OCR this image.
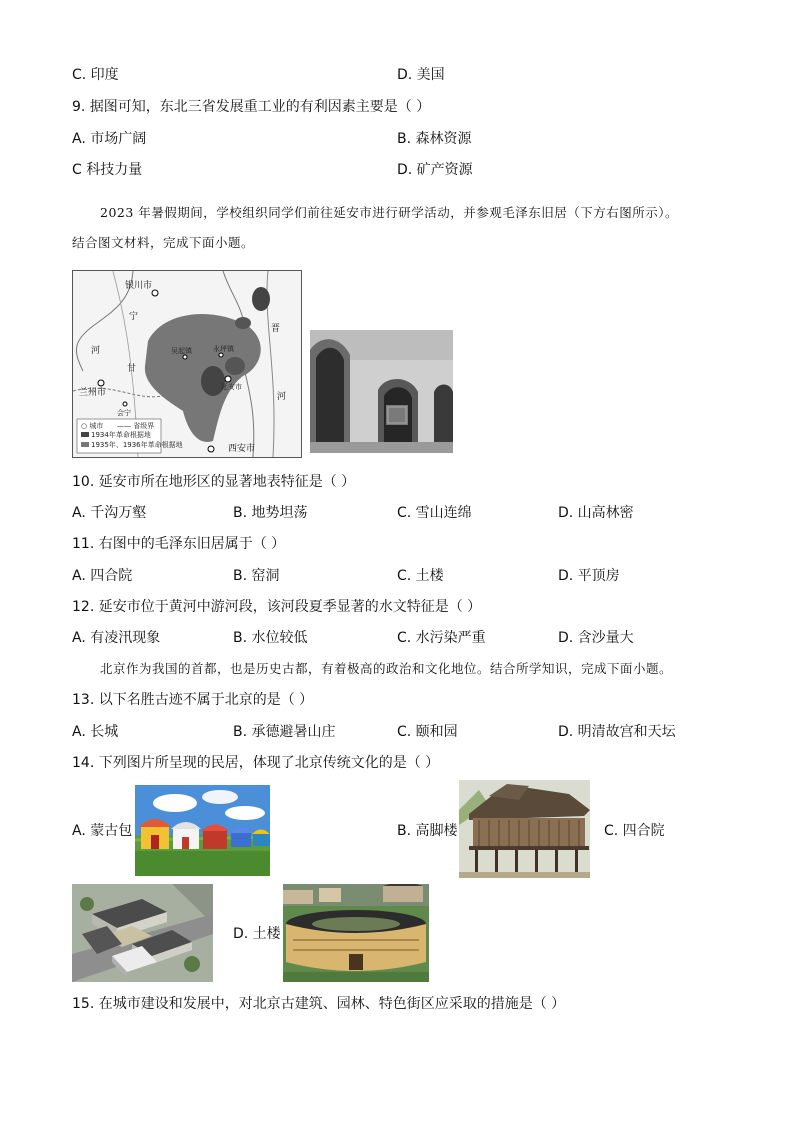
C. 印度	D. 美国
9. 据图可知，东北三省发展重工业的有利因素主要是（ ）
A. 市场广阔	B. 森林资源
C 科技力量	D. 矿产资源
2023 年暑假期间，学校组织同学们前往延安市进行研学活动，并参观毛泽东旧居（下方右图所示）。
结合图文材料，完成下面小题。
银川市
兰州市
西安市
延安市
永坪镇
吴起镇
会宁
宁
甘
晋
河
河
○ 城市 —— 省级界
1934年革命根据地
1935年、1936年革命根据地
10. 延安市所在地形区的显著地表特征是（ ）
A. 千沟万壑	B. 地势坦荡	C. 雪山连绵	D. 山高林密
11. 右图中的毛泽东旧居属于（ ）
A. 四合院	B. 窑洞	C. 土楼	D. 平顶房
12. 延安市位于黄河中游河段，该河段夏季显著的水文特征是（ ）
A. 有凌汛现象	B. 水位较低	C. 水污染严重	D. 含沙量大
北京作为我国的首都，也是历史古都，有着极高的政治和文化地位。结合所学知识，完成下面小题。
13. 以下名胜古迹不属于北京的是（ ）
A. 长城	B. 承德避暑山庄	C. 颐和园	D. 明清故宫和天坛
14. 下列图片所呈现的民居，体现了北京传统文化的是（ ）
A. 蒙古包	B. 高脚楼	C. 四合院
D. 土楼
15. 在城市建设和发展中，对北京古建筑、园林、特色街区应采取的措施是（ ）
